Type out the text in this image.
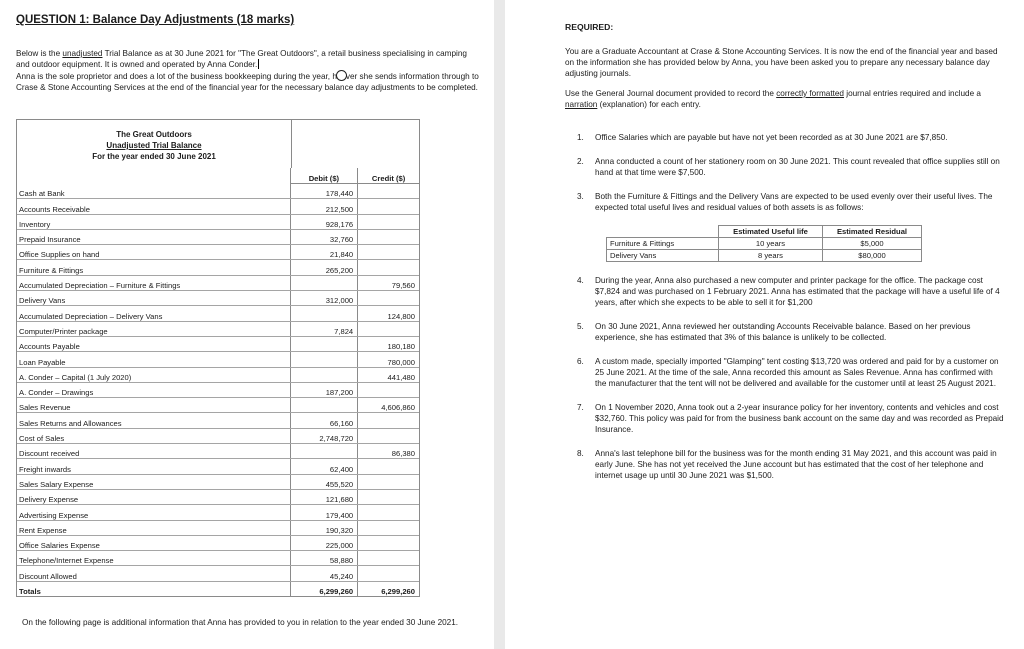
QUESTION 1: Balance Day Adjustments (18 marks)

Below is the unadjusted Trial Balance as at 30 June 2021 for "The Great Outdoors", a retail business specialising in camping and outdoor equipment. It is owned and operated by Anna Conder.
Anna is the sole proprietor and does a lot of the business bookkeeping during the year, h ver she sends information through to Crase & Stone Accounting Services at the end of the financial year for the necessary balance day adjustments to be completed.

The Great Outdoors
Unadjusted Trial Balance
For the year ended 30 June 2021
	Debit ($)	Credit ($)
Cash at Bank	178,440	
Accounts Receivable	212,500	
Inventory	928,176	
Prepaid Insurance	32,760	
Office Supplies on hand	21,840	
Furniture & Fittings	265,200	
Accumulated Depreciation – Furniture & Fittings		79,560
Delivery Vans	312,000	
Accumulated Depreciation – Delivery Vans		124,800
Computer/Printer package	7,824	
Accounts Payable		180,180
Loan Payable		780,000
A. Conder – Capital (1 July 2020)		441,480
A. Conder – Drawings	187,200	
Sales Revenue		4,606,860
Sales Returns and Allowances	66,160	
Cost of Sales	2,748,720	
Discount received		86,380
Freight inwards	62,400	
Sales Salary Expense	455,520	
Delivery Expense	121,680	
Advertising Expense	179,400	
Rent Expense	190,320	
Office Salaries Expense	225,000	
Telephone/Internet Expense	58,880	
Discount Allowed	45,240	
Totals	6,299,260	6,299,260
On the following page is additional information that Anna has provided to you in relation to the year ended 30 June 2021.
REQUIRED:

You are a Graduate Accountant at Crase & Stone Accounting Services. It is now the end of the financial year and based on the information she has provided below by Anna, you have been asked you to prepare any necessary balance day adjusting journals.

Use the General Journal document provided to record the correctly formatted journal entries required and include a narration (explanation) for each entry.

1. Office Salaries which are payable but have not yet been recorded as at 30 June 2021 are $7,850.
2. Anna conducted a count of her stationery room on 30 June 2021. This count revealed that office supplies still on hand at that time were $7,500.
3. Both the Furniture & Fittings and the Delivery Vans are expected to be used evenly over their useful lives. The expected total useful lives and residual values of both assets is as follows:
	Estimated Useful life	Estimated Residual
Furniture & Fittings	10 years	$5,000
Delivery Vans	8 years	$80,000
4. During the year, Anna also purchased a new computer and printer package for the office. The package cost $7,824 and was purchased on 1 February 2021. Anna has estimated that the package will have a useful life of 4 years, after which she expects to be able to sell it for $1,200
5. On 30 June 2021, Anna reviewed her outstanding Accounts Receivable balance. Based on her previous experience, she has estimated that 3% of this balance is unlikely to be collected.
6. A custom made, specially imported "Glamping" tent costing $13,720 was ordered and paid for by a customer on 25 June 2021. At the time of the sale, Anna recorded this amount as Sales Revenue. Anna has confirmed with the manufacturer that the tent will not be delivered and available for the customer until at least 25 August 2021.
7. On 1 November 2020, Anna took out a 2-year insurance policy for her inventory, contents and vehicles and cost $32,760. This policy was paid for from the business bank account on the same day and was recorded as Prepaid Insurance.
8. Anna's last telephone bill for the business was for the month ending 31 May 2021, and this account was paid in early June. She has not yet received the June account but has estimated that the cost of her telephone and internet usage up until 30 June 2021 was $1,500.
